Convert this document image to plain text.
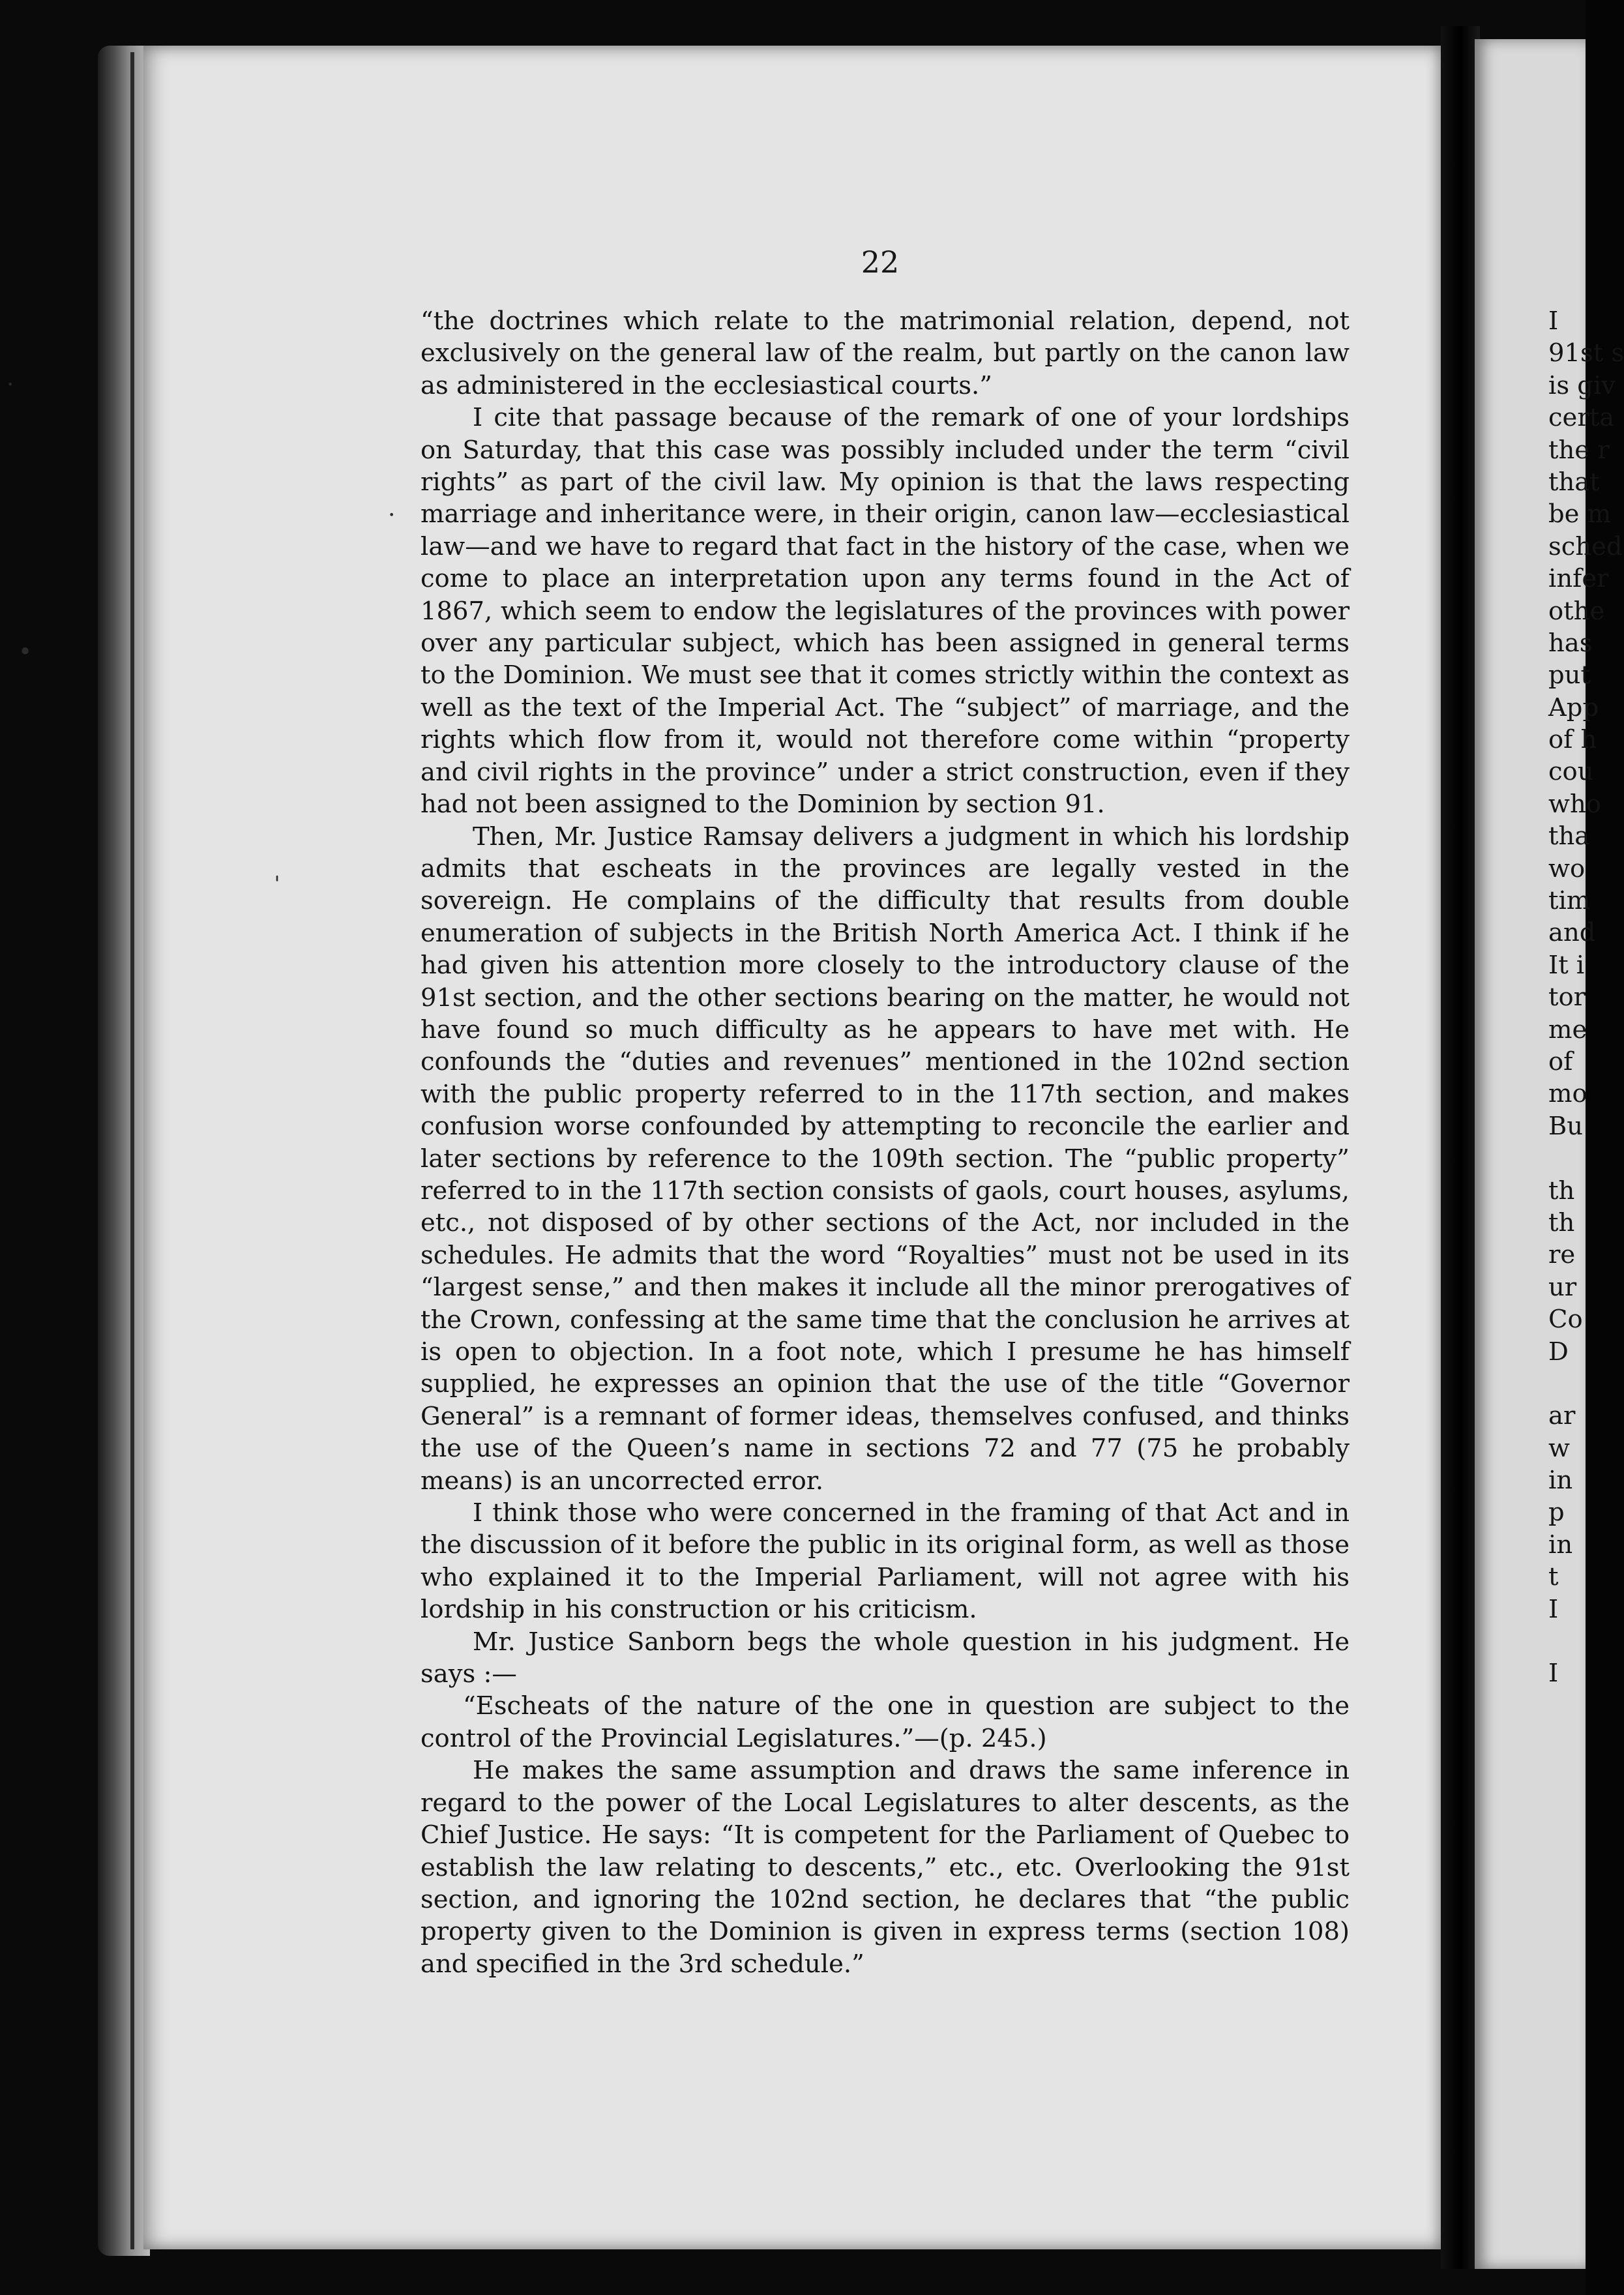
·
•
·
ˌ
22

“the doctrines which relate to the matrimonial relation, depend, not exclusively on the general law of the realm, but partly on the canon law as administered in the ecclesiastical courts.”

I cite that passage because of the remark of one of your lordships on Saturday, that this case was possibly included under the term “civil rights” as part of the civil law. My opinion is that the laws respecting marriage and inheritance were, in their origin, canon law—ecclesiastical law—and we have to regard that fact in the history of the case, when we come to place an interpretation upon any terms found in the Act of 1867, which seem to endow the legislatures of the provinces with power over any particular subject, which has been assigned in general terms to the Dominion. We must see that it comes strictly within the context as well as the text of the Imperial Act. The “subject” of marriage, and the rights which flow from it, would not therefore come within “property and civil rights in the province” under a strict construction, even if they had not been assigned to the Dominion by section 91.

Then, Mr. Justice Ramsay delivers a judgment in which his lordship admits that escheats in the provinces are legally vested in the sovereign. He complains of the difficulty that results from double enumeration of subjects in the British North America Act. I think if he had given his attention more closely to the introductory clause of the 91st section, and the other sections bearing on the matter, he would not have found so much difficulty as he appears to have met with. He confounds the “duties and revenues” mentioned in the 102nd section with the public property referred to in the 117th section, and makes confusion worse confounded by attempting to reconcile the earlier and later sections by reference to the 109th section. The “public property” referred to in the 117th section consists of gaols, court houses, asylums, etc., not disposed of by other sections of the Act, nor included in the schedules. He admits that the word “Royalties” must not be used in its “largest sense,” and then makes it include all the minor prerogatives of the Crown, confessing at the same time that the conclusion he arrives at is open to objection. In a foot note, which I presume he has himself supplied, he expresses an opinion that the use of the title “Governor General” is a remnant of former ideas, themselves confused, and thinks the use of the Queen’s name in sections 72 and 77 (75 he probably means) is an uncorrected error.

I think those who were concerned in the framing of that Act and in the discussion of it before the public in its original form, as well as those who explained it to the Imperial Parliament, will not agree with his lordship in his construction or his criticism.

Mr. Justice Sanborn begs the whole question in his judgment. He says :—

“Escheats of the nature of the one in question are subject to the control of the Provincial Legislatures.”—(p. 245.)

He makes the same assumption and draws the same inference in regard to the power of the Local Legislatures to alter descents, as the Chief Justice. He says: “It is competent for the Parliament of Quebec to establish the law relating to descents,” etc., etc. Overlooking the 91st section, and ignoring the 102nd section, he declares that “the public property given to the Dominion is given in express terms (section 108) and specified in the 3rd schedule.”

I
91st s
is giv
certa
the r
that
be m
sched
infer
othe
has
put
App
of h
cou
who
tha
wo
tim
and
It i
tor
me
of
mo
Bu
th
th
re
ur
Co
D
ar
w
in
p
in
t
I
I
